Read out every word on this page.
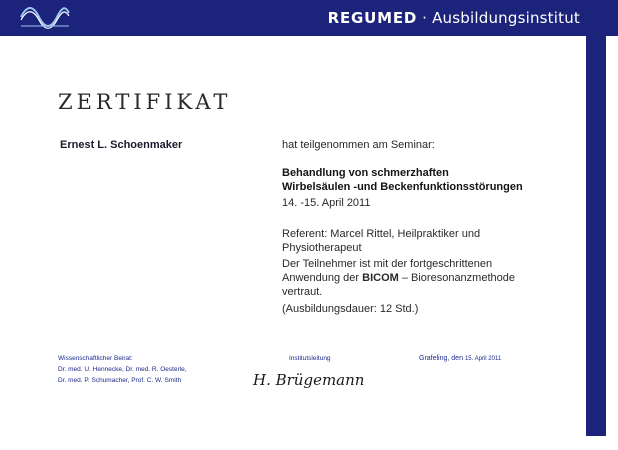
REGUMED · Ausbildungsinstitut
ZERTIFIKAT
Ernest L. Schoenmaker	hat teilgenommen am Seminar:
Behandlung von schmerzhaften
Wirbelsäulen -und Beckenfunktionsstörungen
14. -15. April 2011
Referent: Marcel Rittel, Heilpraktiker und
Physiotherapeut
Der Teilnehmer ist mit der fortgeschrittenen
Anwendung der BICOM – Bioresonanzmethode
vertraut.
(Ausbildungsdauer: 12 Std.)
Wissenschaftlicher Beirat:
Dr. med. U. Hennecke, Dr. med. R. Oesterle,
Dr. med. P. Schumacher, Prof. C. W. Smith
Institutsleitung
H. Brügemann
Grafeling, den 15. April 2011
